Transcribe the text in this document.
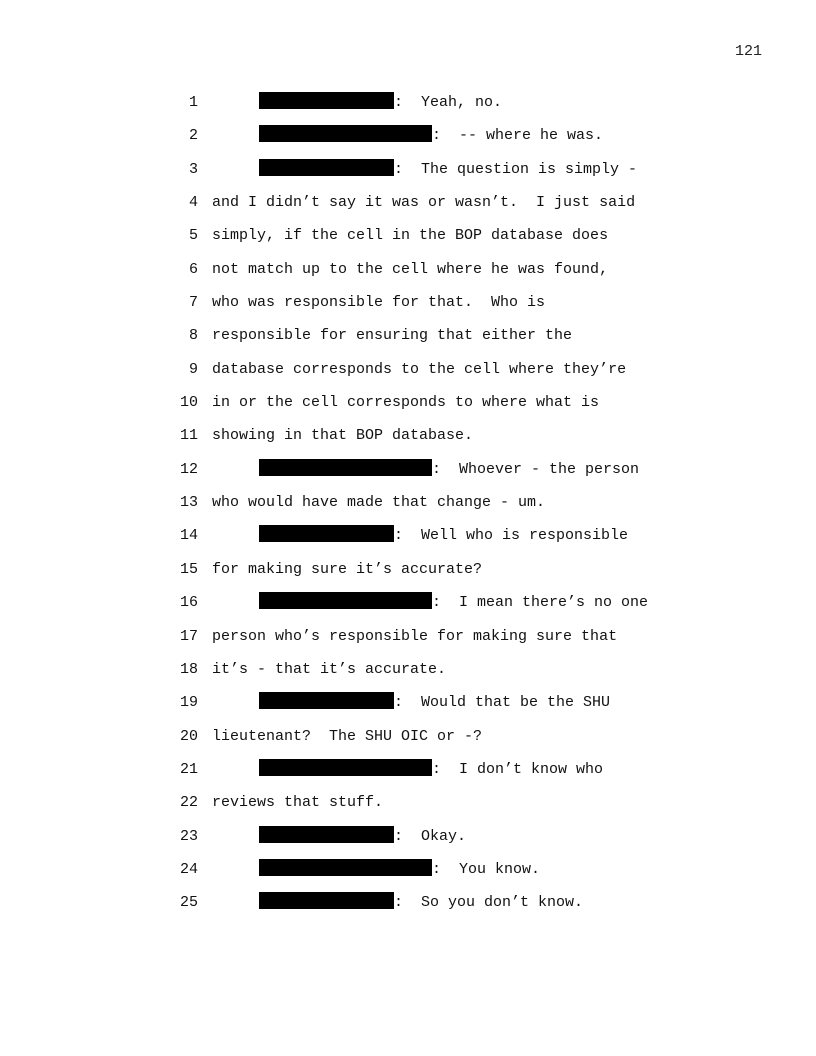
121
1	:  Yeah, no.
2	:  -- where he was.
3	:  The question is simply -
4 and I didn’t say it was or wasn’t.  I just said
5 simply, if the cell in the BOP database does
6 not match up to the cell where he was found,
7 who was responsible for that.  Who is
8 responsible for ensuring that either the
9 database corresponds to the cell where they’re
10 in or the cell corresponds to where what is
11 showing in that BOP database.
12	:  Whoever - the person
13 who would have made that change - um.
14	:  Well who is responsible
15 for making sure it’s accurate?
16	:  I mean there’s no one
17 person who’s responsible for making sure that
18 it’s - that it’s accurate.
19	:  Would that be the SHU
20 lieutenant?  The SHU OIC or -?
21	:  I don’t know who
22 reviews that stuff.
23	:  Okay.
24	:  You know.
25	:  So you don’t know.
